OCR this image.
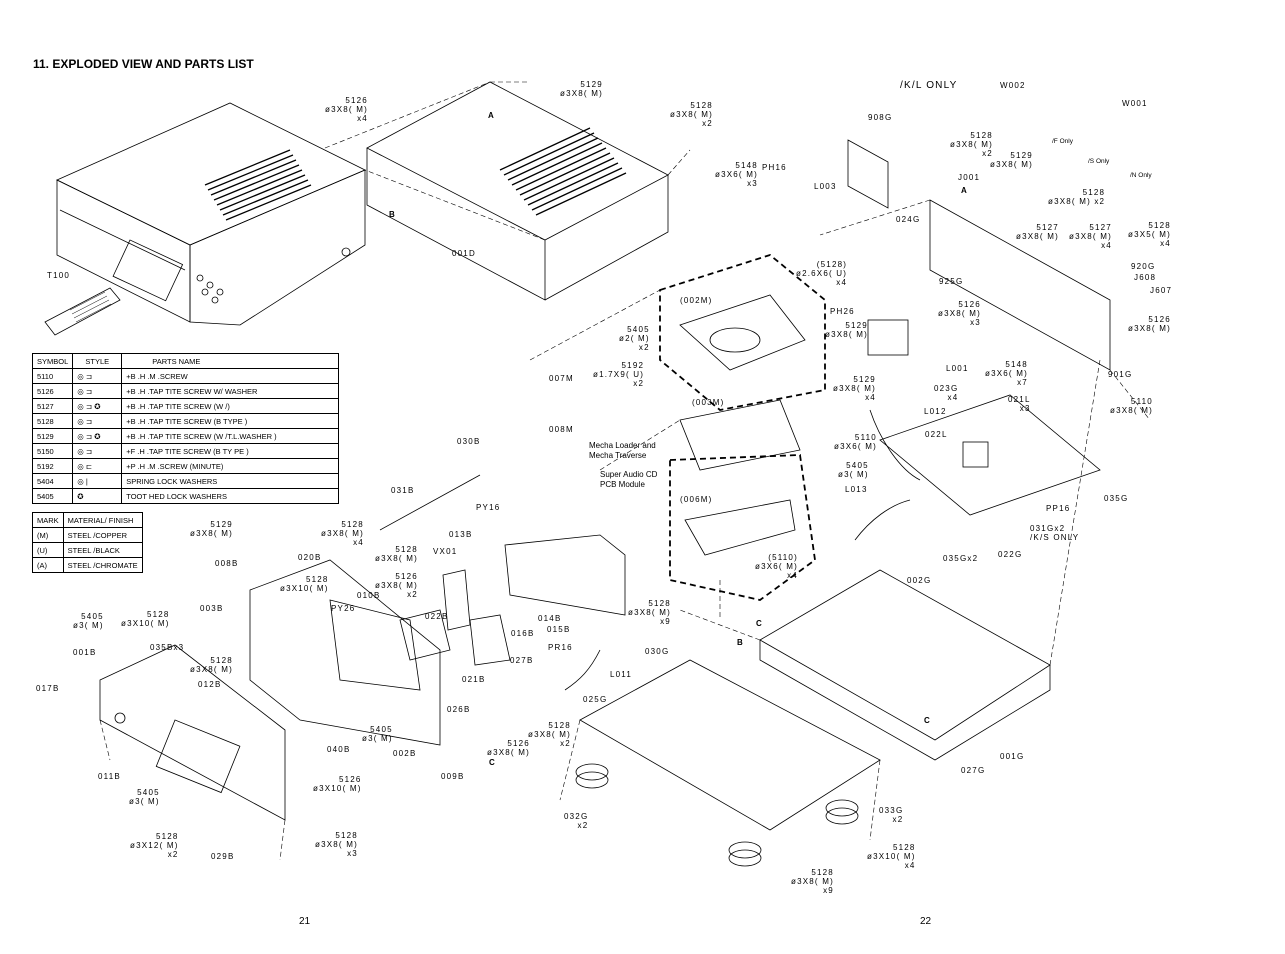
11. EXPLODED VIEW AND PARTS LIST
SYMBOL	STYLE	PARTS NAME
5110	◎ ⊐	+B .H .M .SCREW
5126	◎ ⊐	+B .H .TAP TITE SCREW W/ WASHER
5127	◎ ⊐ ✪	+B .H .TAP TITE SCREW (W /)
5128	◎ ⊐	+B .H .TAP TITE SCREW (B TYPE )
5129	◎ ⊐ ✪	+B .H .TAP TITE SCREW (W /T.L.WASHER )
5150	◎ ⊐	+F .H .TAP TITE SCREW (B TY PE )
5192	◎ ⊏	+P .H .M .SCREW (MINUTE)
5404	◎ |	SPRING LOCK WASHERS
5405	✪	TOOT HED LOCK WASHERS
MARK	MATERIAL/ FINISH
(M)	STEEL /COPPER
(U)	STEEL /BLACK
(A)	STEEL /CHROMATE
5129
ø3X8( M)
5126
ø3X8( M)
x4
5128
ø3X8( M)
x2
A
B
001D
T100
/K/L ONLY	W002
W001
/F Only
/S Only
/N Only
908G
5128
ø3X8( M)
x2	5129
ø3X8( M)
A
J001
5128
ø3X8( M) x2
5148
ø3X6( M)
x3
PH16
L003
024G
5127
ø3X8( M)
5127
ø3X8( M)
x4
5128
ø3X5( M)
x4
920G
J608
J607
925G
(5128)
ø2.6X6( U)
x4
PH26
5126
ø3X8( M)
x3	5126
ø3X8( M)
(002M)
5405
ø2( M)
x2
5129
ø3X8( M)
L001
901G
5192
ø1.7X9( U)
x2
007M
008M
(003M)
5129
ø3X8( M)
x4
023G
x4
L012
5148
ø3X6( M)
x7
021L
x3
5110
ø3X8( M)
Mecha Loader and
Mecha Traverse
Super Audio CD
PCB Module
022L
5110
ø3X6( M)
5405
ø3( M)
L013
035G
(006M)
030B
031B
PY16	PP16
031Gx2
/K/S ONLY
035Gx2 022G
(5110)
ø3X6( M)
x4
5129
ø3X8( M)
5128
ø3X8( M)
x4
008B
020B
5128
ø3X8( M)
013B
VX01
5128
ø3X10( M)
5126
ø3X8( M)
x2
010B
PY26
014B
015B
016B
5128
ø3X8( M)
x9
002G
5405
ø3( M)
5128
ø3X10( M)
003B
022B
C
B
001B
035Bx3	PR16
027B
L011
030G
5128
ø3X8( M)
012B
021B
025G
017B
026B
5128
ø3X8( M)
x2
5126
ø3X8( M)
5405
ø3( M)
040B	002B
C
C
009B
027G
001G
011B	5126
ø3X10( M)
5405
ø3( M)
5128
ø3X12( M)
x2	029B
5128
ø3X8( M)
x3
032G
x2
033G
x2
5128
ø3X8( M)
x9
5128
ø3X10( M)
x4
21	22
